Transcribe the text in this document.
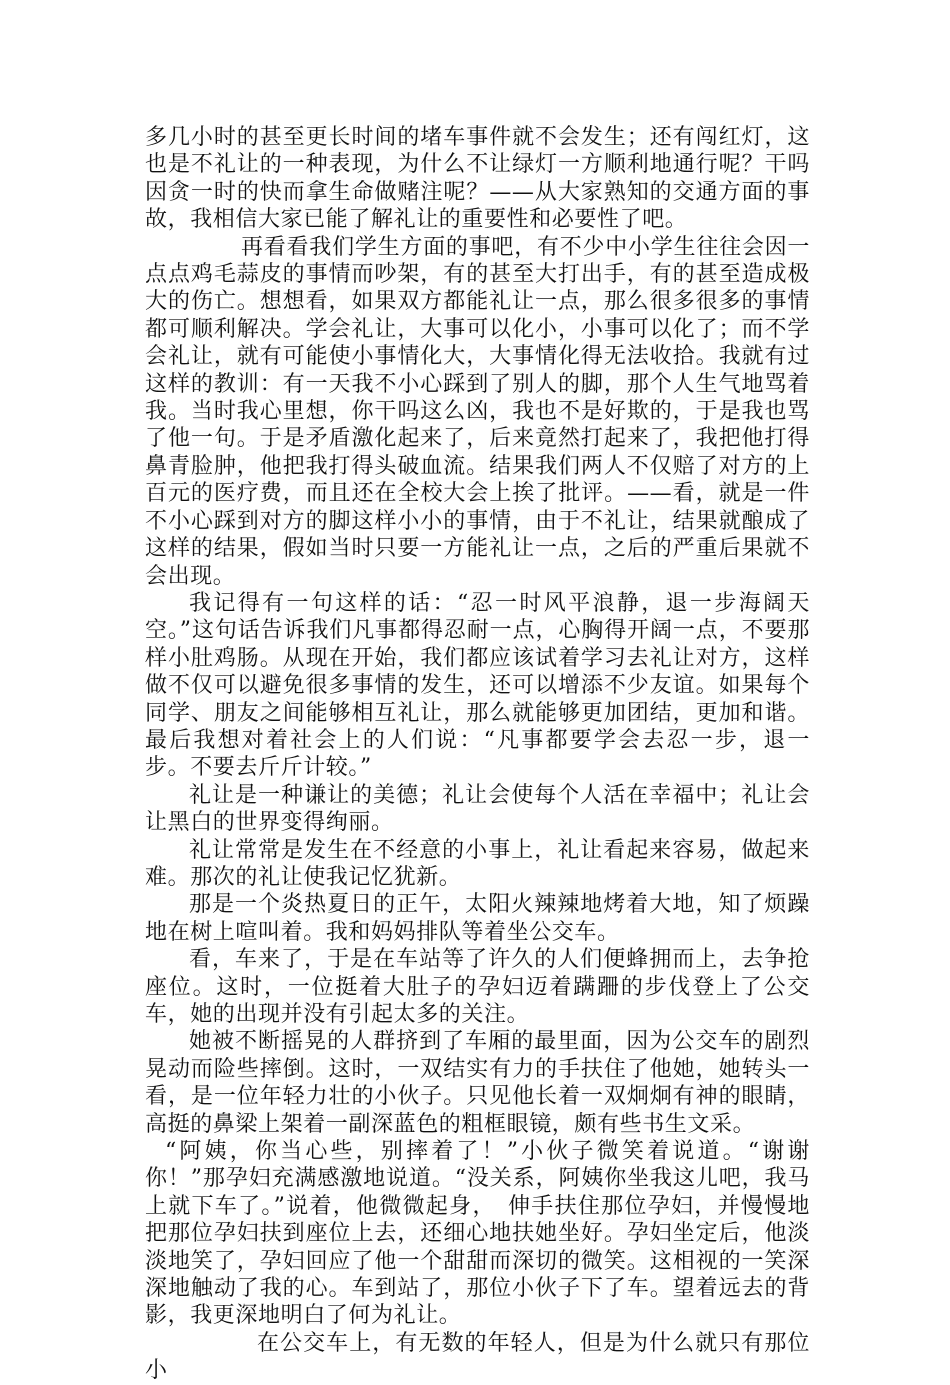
多几小时的甚至更长时间的堵车事件就不会发生；还有闯红灯，这也是不礼让的一种表现，为什么不让绿灯一方顺利地通行呢？干吗因贪一时的快而拿生命做赌注呢？——从大家熟知的交通方面的事故，我相信大家已能了解礼让的重要性和必要性了吧。

再看看我们学生方面的事吧，有不少中小学生往往会因一点点鸡毛蒜皮的事情而吵架，有的甚至大打出手，有的甚至造成极大的伤亡。想想看，如果双方都能礼让一点，那么很多很多的事情都可顺利解决。学会礼让，大事可以化小，小事可以化了；而不学会礼让，就有可能使小事情化大，大事情化得无法收拾。我就有过这样的教训：有一天我不小心踩到了别人的脚，那个人生气地骂着我。当时我心里想，你干吗这么凶，我也不是好欺的，于是我也骂了他一句。于是矛盾激化起来了，后来竟然打起来了，我把他打得鼻青脸肿，他把我打得头破血流。结果我们两人不仅赔了对方的上百元的医疗费，而且还在全校大会上挨了批评。——看，就是一件不小心踩到对方的脚这样小小的事情，由于不礼让，结果就酿成了这样的结果，假如当时只要一方能礼让一点，之后的严重后果就不会出现。

我记得有一句这样的话：“忍一时风平浪静，退一步海阔天空。”这句话告诉我们凡事都得忍耐一点，心胸得开阔一点，不要那样小肚鸡肠。从现在开始，我们都应该试着学习去礼让对方，这样做不仅可以避免很多事情的发生，还可以增添不少友谊。如果每个同学、朋友之间能够相互礼让，那么就能够更加团结，更加和谐。最后我想对着社会上的人们说：“凡事都要学会去忍一步，退一步。不要去斤斤计较。”

礼让是一种谦让的美德；礼让会使每个人活在幸福中；礼让会让黑白的世界变得绚丽。

礼让常常是发生在不经意的小事上，礼让看起来容易，做起来难。那次的礼让使我记忆犹新。

那是一个炎热夏日的正午，太阳火辣辣地烤着大地，知了烦躁地在树上喧叫着。我和妈妈排队等着坐公交车。

看，车来了，于是在车站等了许久的人们便蜂拥而上，去争抢座位。这时，一位挺着大肚子的孕妇迈着蹒跚的步伐登上了公交车，她的出现并没有引起太多的关注。

她被不断摇晃的人群挤到了车厢的最里面，因为公交车的剧烈晃动而险些摔倒。这时，一双结实有力的手扶住了他她，她转头一看，是一位年轻力壮的小伙子。只见他长着一双炯炯有神的眼睛，高挺的鼻梁上架着一副深蓝色的粗框眼镜，颇有些书生文采。

“阿姨，你当心些，别摔着了！”小伙子微笑着说道。“谢谢你！”那孕妇充满感激地说道。“没关系，阿姨你坐我这儿吧，我马上就下车了。”说着，他微微起身，　伸手扶住那位孕妇，并慢慢地把那位孕妇扶到座位上去，还细心地扶她坐好。孕妇坐定后，他淡淡地笑了，孕妇回应了他一个甜甜而深切的微笑。这相视的一笑深深地触动了我的心。车到站了，那位小伙子下了车。望着远去的背影，我更深地明白了何为礼让。

在公交车上，有无数的年轻人，但是为什么就只有那位小
